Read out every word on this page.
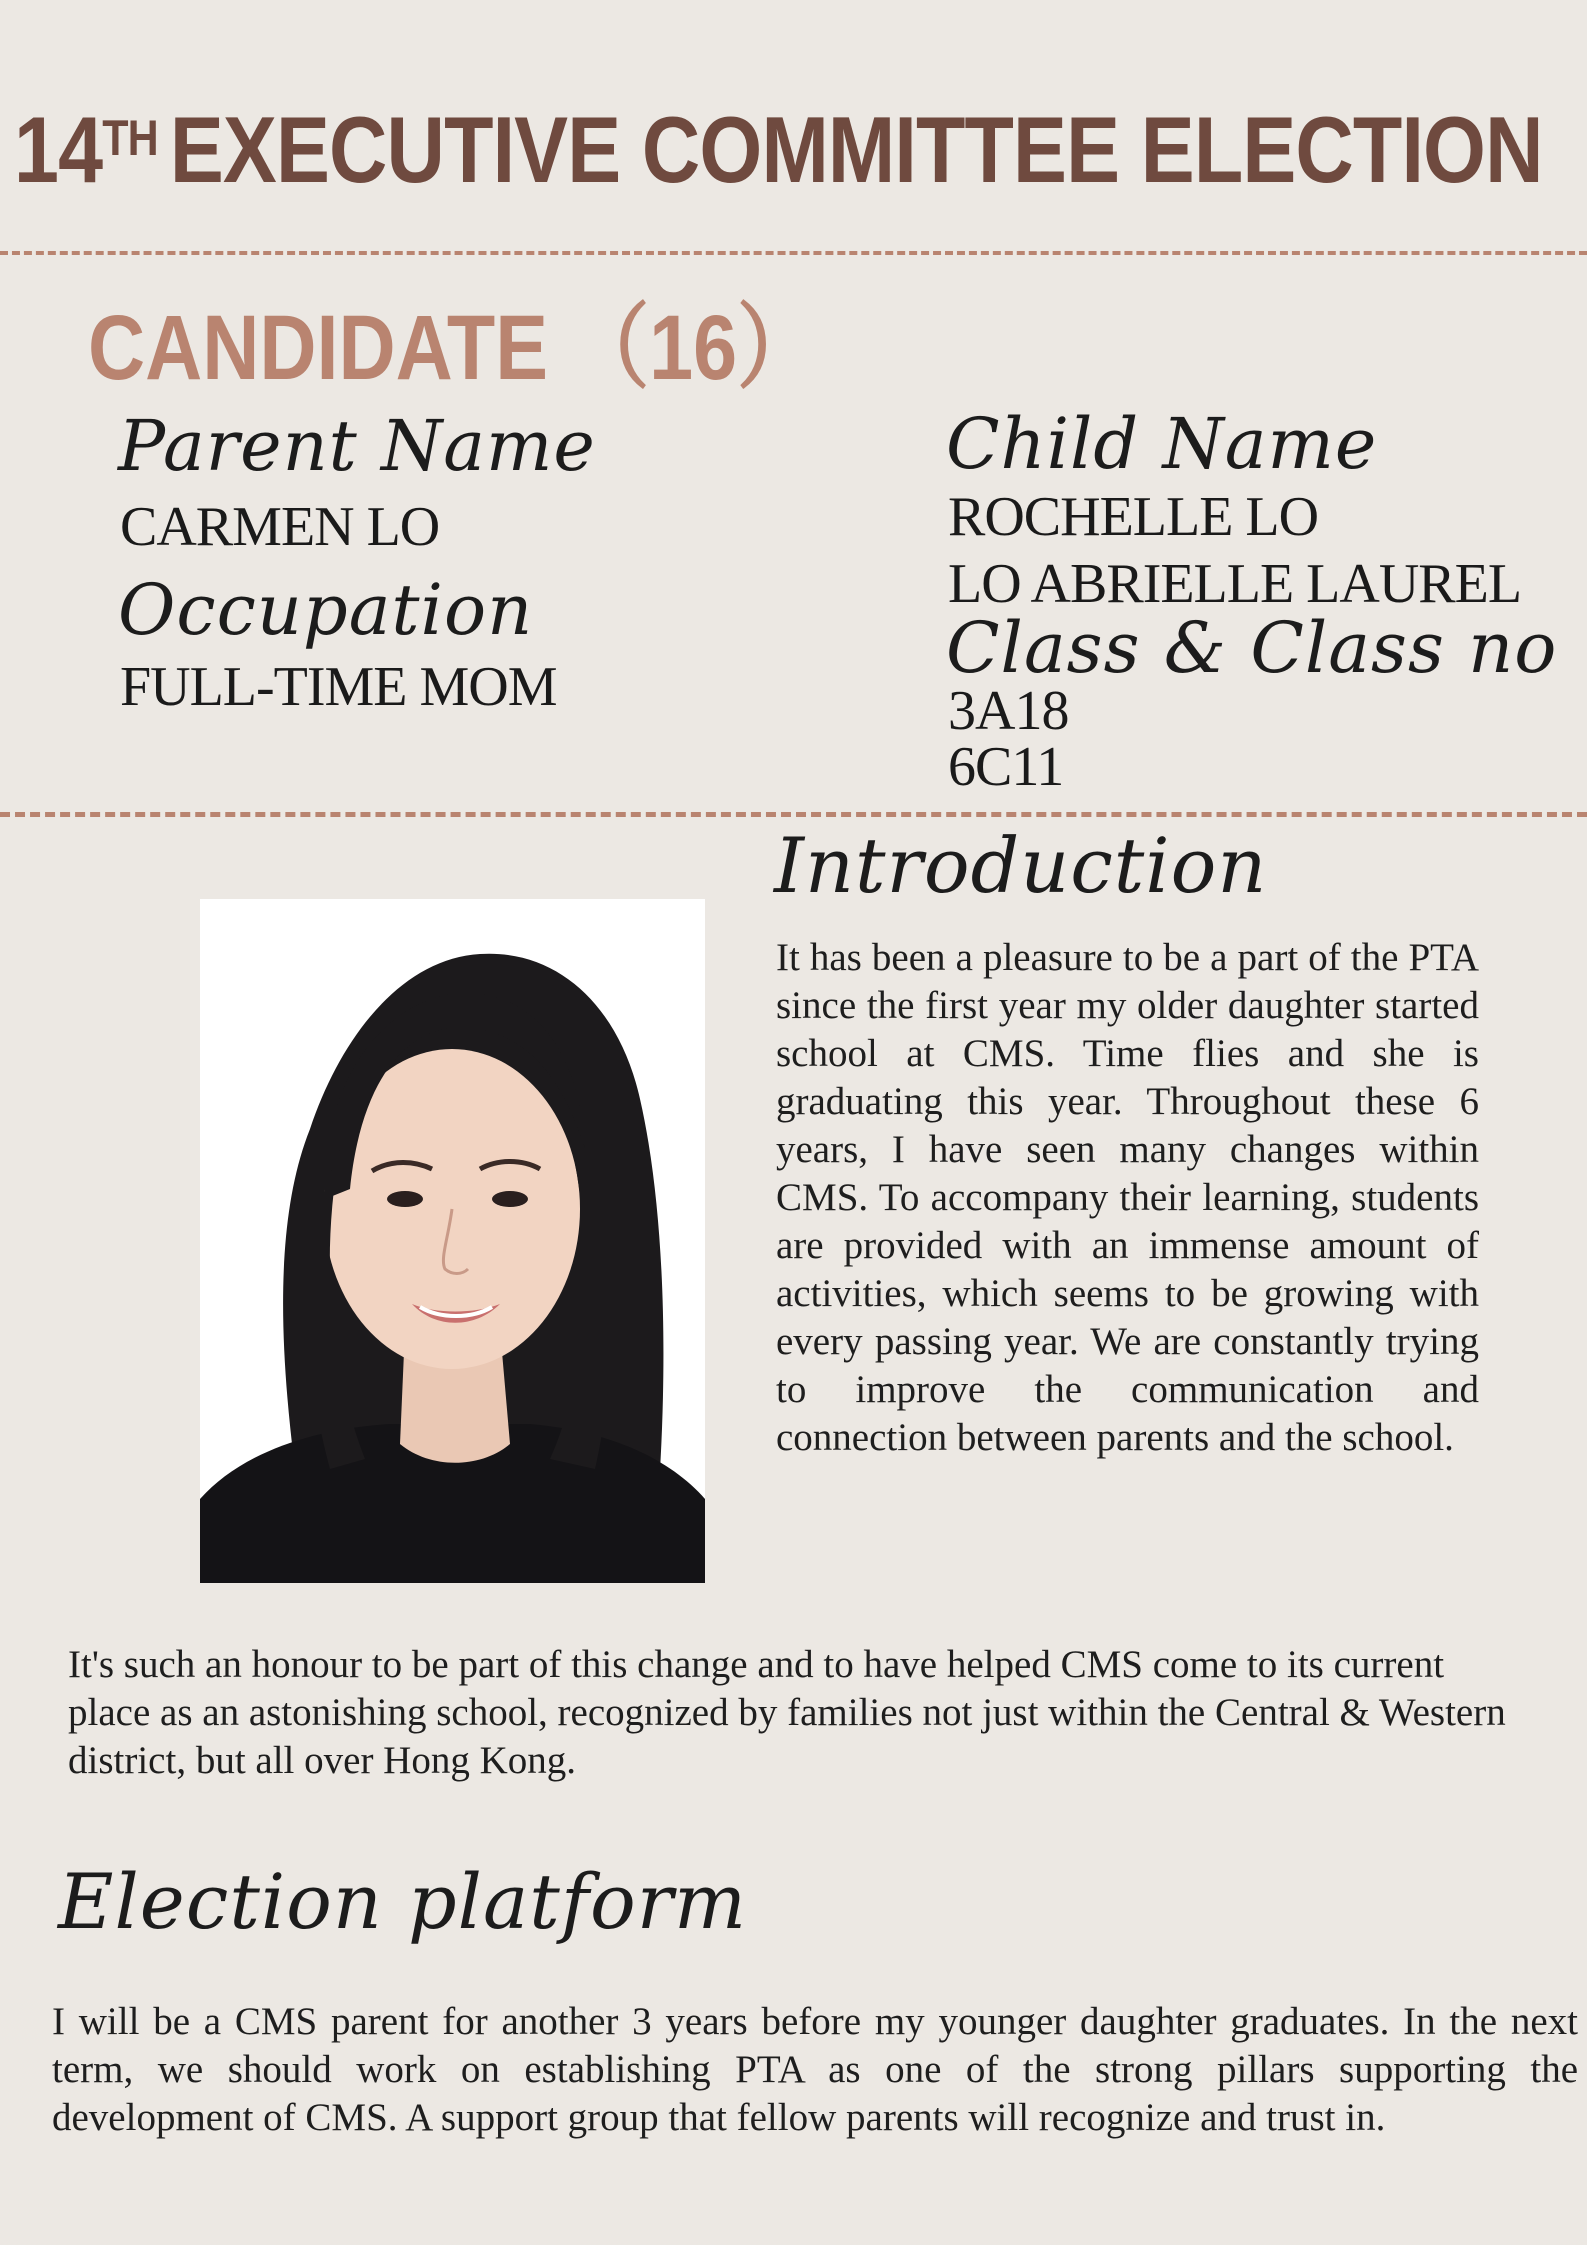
14TH EXECUTIVE COMMITTEE ELECTION
CANDIDATE （16）
Parent Name
CARMEN LO
Occupation
FULL-TIME MOM
Child Name
ROCHELLE LO
LO ABRIELLE LAUREL
Class & Class no
3A18
6C11
Introduction
It has been a pleasure to be a part of the PTA since the first year my older daughter started school at CMS. Time flies and she is graduating this year. Throughout these 6 years, I have seen many changes within CMS. To accompany their learning, students are provided with an immense amount of activities, which seems to be growing with every passing year. We are constantly trying to improve the communication and connection between parents and the school.
It's such an honour to be part of this change and to have helped CMS come to its current place as an astonishing school, recognized by families not just within the Central & Western district, but all over Hong Kong.
Election platform
I will be a CMS parent for another 3 years before my younger daughter graduates. In the next term, we should work on establishing PTA as one of the strong pillars supporting the development of CMS. A support group that fellow parents will recognize and trust in.
